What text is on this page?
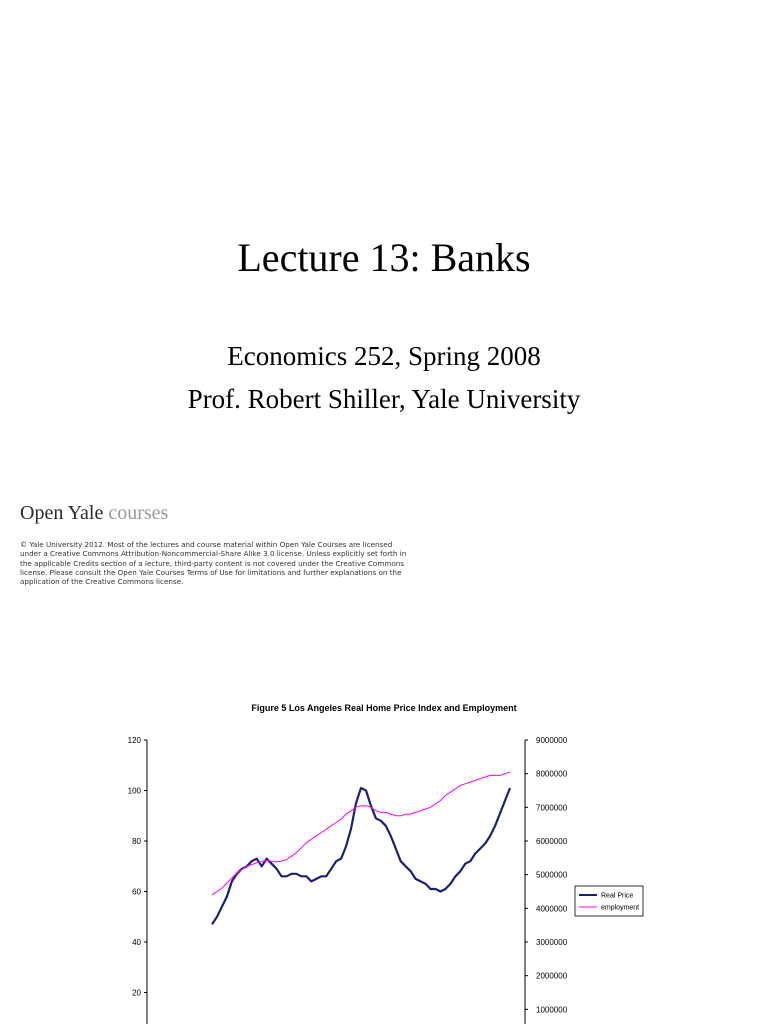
Lecture 13: Banks
Economics 252, Spring 2008
Prof. Robert Shiller, Yale University
Open Yale courses
© Yale University 2012. Most of the lectures and course material within Open Yale Courses are licensed under a Creative Commons Attribution-Noncommercial-Share Alike 3.0 license. Unless explicitly set forth in the applicable Credits section of a lecture, third-party content is not covered under the Creative Commons license. Please consult the Open Yale Courses Terms of Use for limitations and further explanations on the application of the Creative Commons license.
Figure 5 Los Angeles Real Home Price Index and Employment
120
100
80
60
40
20
9000000
8000000
7000000
6000000
5000000
4000000
3000000
2000000
1000000
Real Price
employment
